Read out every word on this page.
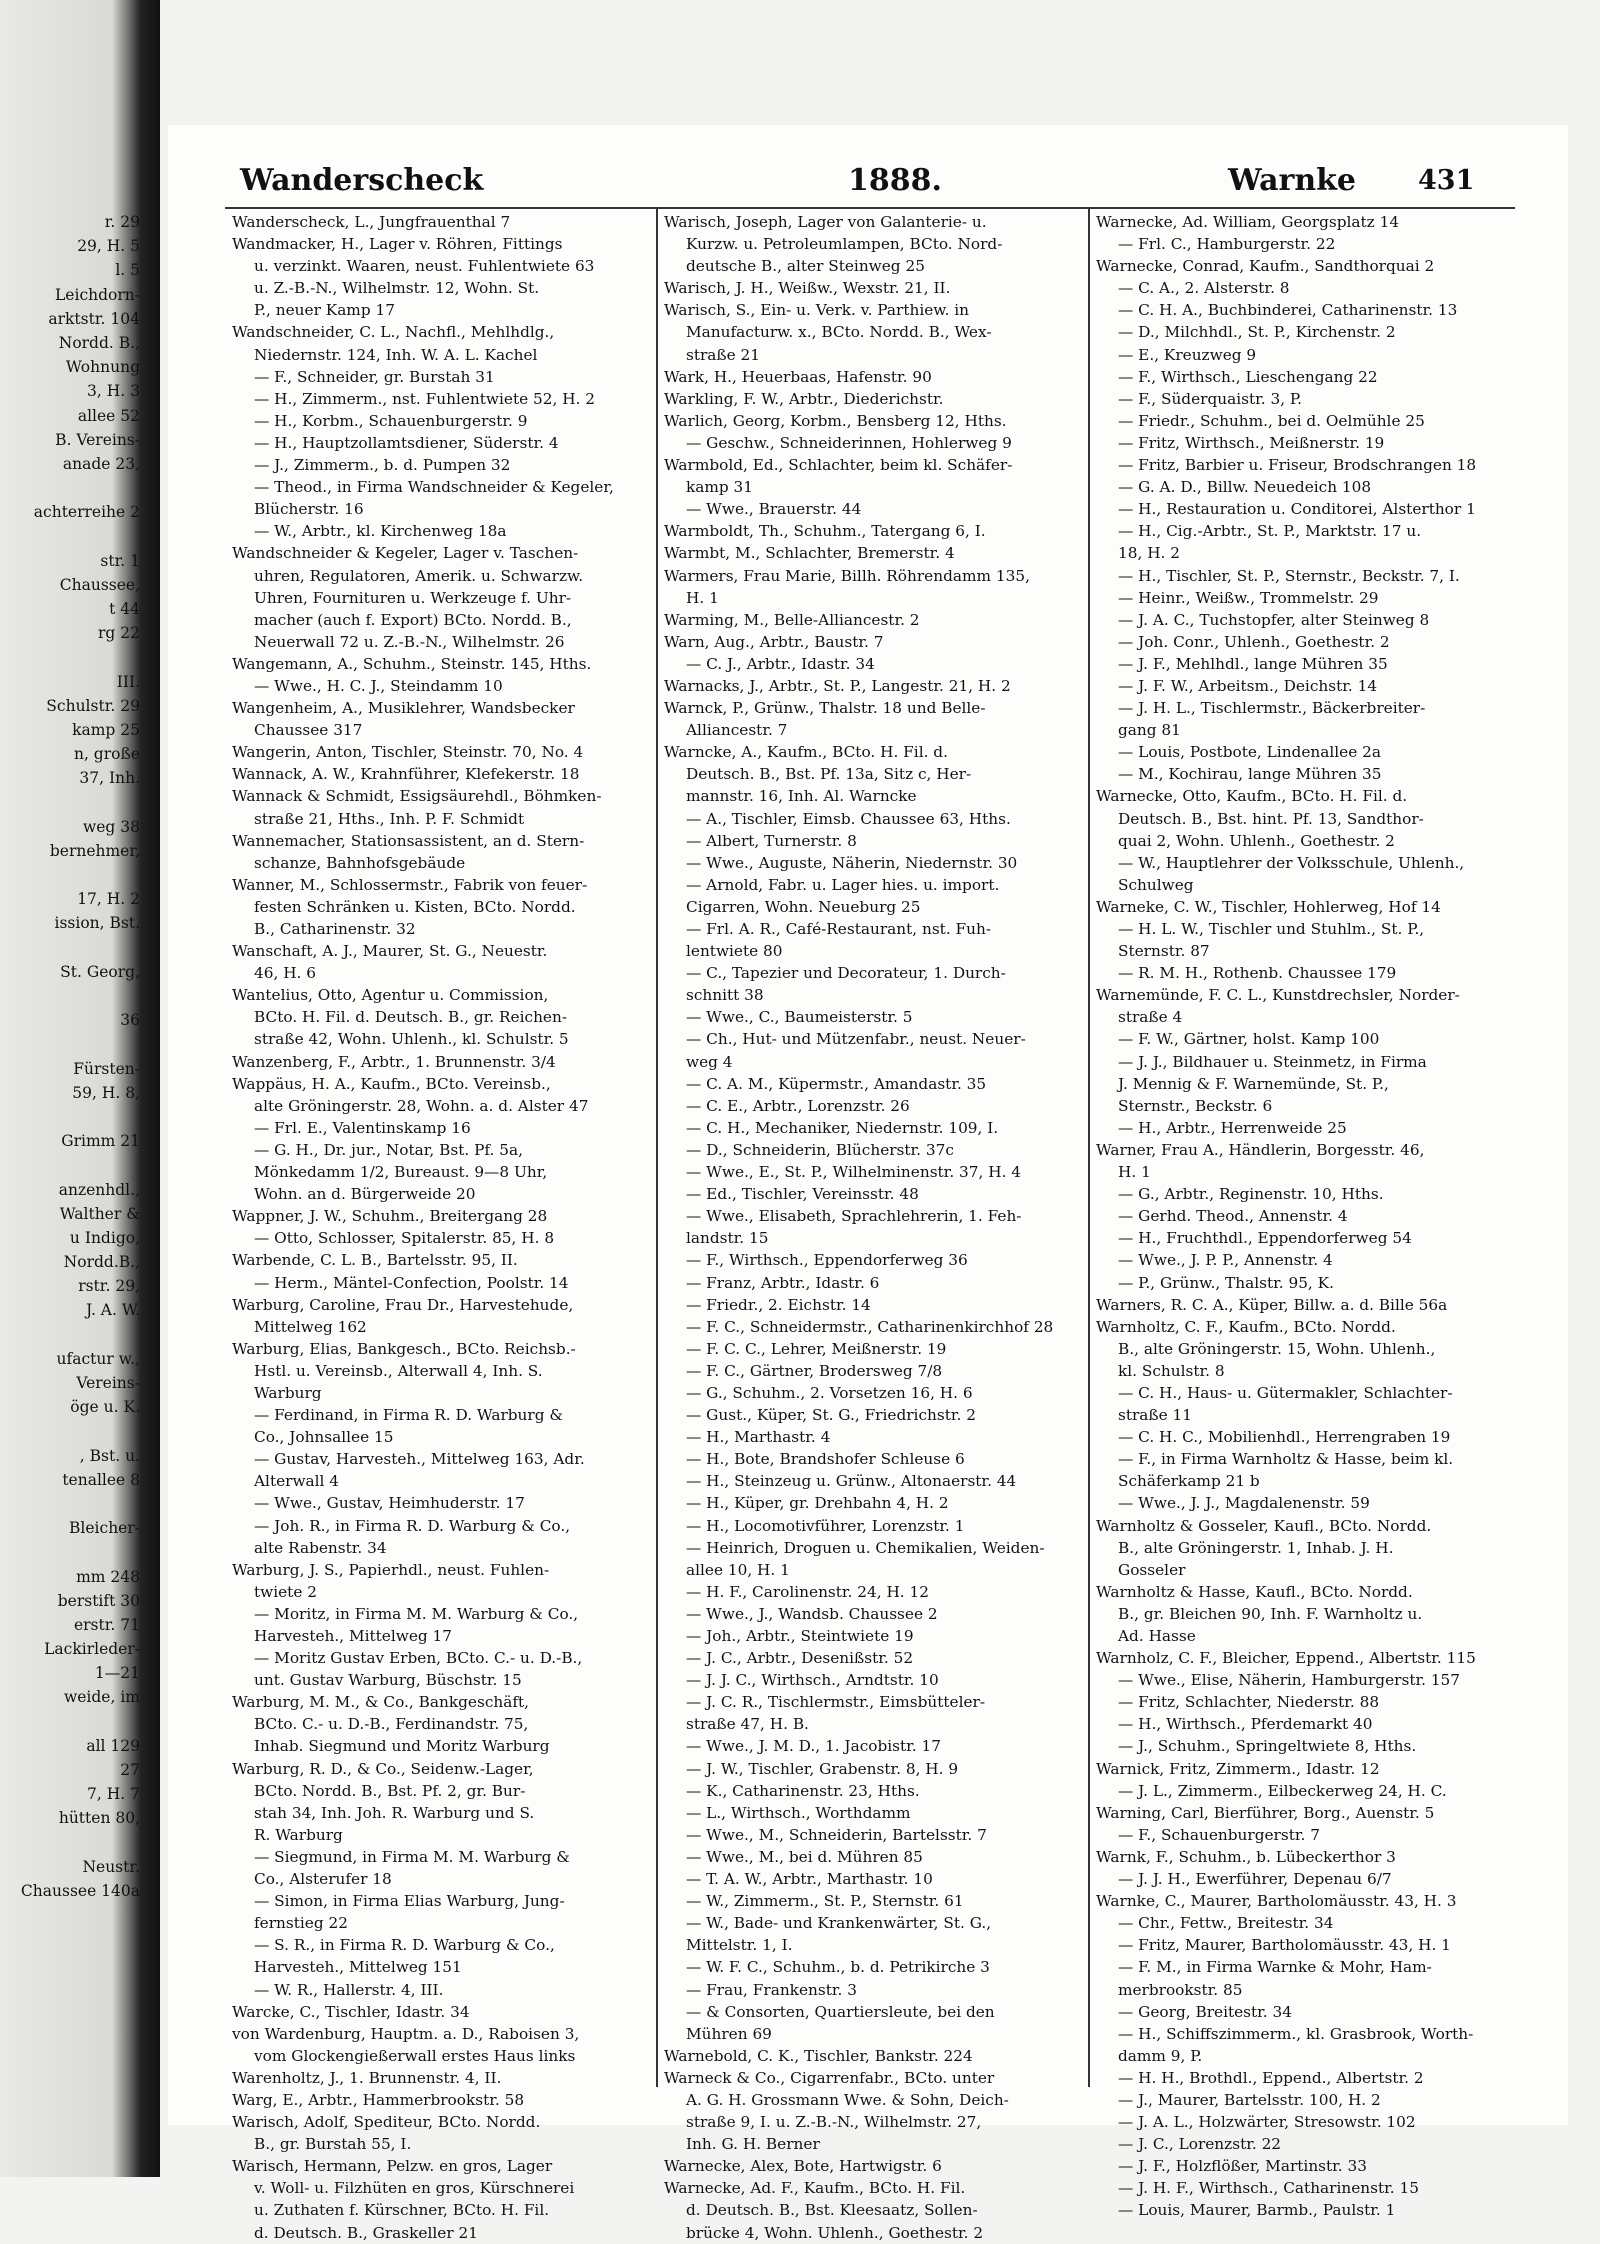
r. 29
29, H. 5
l. 5
Leichdorn-
arktstr. 104
Nordd. B.,
Wohnung
3, H. 3
allee 52
B. Vereins-
anade 23,
achterreihe 2
str. 1
Chaussee,
t 44
rg 22
III.
Schulstr. 29
kamp 25
n, große
37, Inh.
weg 38
bernehmer,
17, H. 2
ission, Bst.
St. Georg,
36
Fürsten-
59, H. 8,
Grimm 21
anzenhdl.,
Walther &
u Indigo,
Nordd.B.,
rstr. 29,
J. A. W.
ufactur w.,
Vereins-
öge u. K.
, Bst. u.
tenallee 8
Bleicher-
mm 248
berstift 30
erstr. 71
Lackirleder-
1—21
weide, im
all 129
27
7, H. 7
hütten 80,
Neustr.
Chaussee 140a
Wanderscheck	1888.	Warnke 431
Wanderscheck, L., Jungfrauenthal 7
Wandmacker, H., Lager v. Röhren, Fittings
u. verzinkt. Waaren, neust. Fuhlentwiete 63
u. Z.-B.-N., Wilhelmstr. 12, Wohn. St.
P., neuer Kamp 17
Wandschneider, C. L., Nachfl., Mehlhdlg.,
Niedernstr. 124, Inh. W. A. L. Kachel
— F., Schneider, gr. Burstah 31
— H., Zimmerm., nst. Fuhlentwiete 52, H. 2
— H., Korbm., Schauenburgerstr. 9
— H., Hauptzollamtsdiener, Süderstr. 4
— J., Zimmerm., b. d. Pumpen 32
— Theod., in Firma Wandschneider & Kegeler,
Blücherstr. 16
— W., Arbtr., kl. Kirchenweg 18a
Wandschneider & Kegeler, Lager v. Taschen-
uhren, Regulatoren, Amerik. u. Schwarzw.
Uhren, Fournituren u. Werkzeuge f. Uhr-
macher (auch f. Export) BCto. Nordd. B.,
Neuerwall 72 u. Z.-B.-N., Wilhelmstr. 26
Wangemann, A., Schuhm., Steinstr. 145, Hths.
— Wwe., H. C. J., Steindamm 10
Wangenheim, A., Musiklehrer, Wandsbecker
Chaussee 317
Wangerin, Anton, Tischler, Steinstr. 70, No. 4
Wannack, A. W., Krahnführer, Klefekerstr. 18
Wannack & Schmidt, Essigsäurehdl., Böhmken-
straße 21, Hths., Inh. P. F. Schmidt
Wannemacher, Stationsassistent, an d. Stern-
schanze, Bahnhofsgebäude
Wanner, M., Schlossermstr., Fabrik von feuer-
festen Schränken u. Kisten, BCto. Nordd.
B., Catharinenstr. 32
Wanschaft, A. J., Maurer, St. G., Neuestr.
46, H. 6
Wantelius, Otto, Agentur u. Commission,
BCto. H. Fil. d. Deutsch. B., gr. Reichen-
straße 42, Wohn. Uhlenh., kl. Schulstr. 5
Wanzenberg, F., Arbtr., 1. Brunnenstr. 3/4
Wappäus, H. A., Kaufm., BCto. Vereinsb.,
alte Gröningerstr. 28, Wohn. a. d. Alster 47
— Frl. E., Valentinskamp 16
— G. H., Dr. jur., Notar, Bst. Pf. 5a,
Mönkedamm 1/2, Bureaust. 9—8 Uhr,
Wohn. an d. Bürgerweide 20
Wappner, J. W., Schuhm., Breitergang 28
— Otto, Schlosser, Spitalerstr. 85, H. 8
Warbende, C. L. B., Bartelsstr. 95, II.
— Herm., Mäntel-Confection, Poolstr. 14
Warburg, Caroline, Frau Dr., Harvestehude,
Mittelweg 162
Warburg, Elias, Bankgesch., BCto. Reichsb.-
Hstl. u. Vereinsb., Alterwall 4, Inh. S.
Warburg
— Ferdinand, in Firma R. D. Warburg &
Co., Johnsallee 15
— Gustav, Harvesteh., Mittelweg 163, Adr.
Alterwall 4
— Wwe., Gustav, Heimhuderstr. 17
— Joh. R., in Firma R. D. Warburg & Co.,
alte Rabenstr. 34
Warburg, J. S., Papierhdl., neust. Fuhlen-
twiete 2
— Moritz, in Firma M. M. Warburg & Co.,
Harvesteh., Mittelweg 17
— Moritz Gustav Erben, BCto. C.- u. D.-B.,
unt. Gustav Warburg, Büschstr. 15
Warburg, M. M., & Co., Bankgeschäft,
BCto. C.- u. D.-B., Ferdinandstr. 75,
Inhab. Siegmund und Moritz Warburg
Warburg, R. D., & Co., Seidenw.-Lager,
BCto. Nordd. B., Bst. Pf. 2, gr. Bur-
stah 34, Inh. Joh. R. Warburg und S.
R. Warburg
— Siegmund, in Firma M. M. Warburg &
Co., Alsterufer 18
— Simon, in Firma Elias Warburg, Jung-
fernstieg 22
— S. R., in Firma R. D. Warburg & Co.,
Harvesteh., Mittelweg 151
— W. R., Hallerstr. 4, III.
Warcke, C., Tischler, Idastr. 34
von Wardenburg, Hauptm. a. D., Raboisen 3,
vom Glockengießerwall erstes Haus links
Warenholtz, J., 1. Brunnenstr. 4, II.
Warg, E., Arbtr., Hammerbrookstr. 58
Warisch, Adolf, Spediteur, BCto. Nordd.
B., gr. Burstah 55, I.
Warisch, Hermann, Pelzw. en gros, Lager
v. Woll- u. Filzhüten en gros, Kürschnerei
u. Zuthaten f. Kürschner, BCto. H. Fil.
d. Deutsch. B., Graskeller 21
Warisch, Joseph, Lager von Galanterie- u.
Kurzw. u. Petroleumlampen, BCto. Nord-
deutsche B., alter Steinweg 25
Warisch, J. H., Weißw., Wexstr. 21, II.
Warisch, S., Ein- u. Verk. v. Parthiew. in
Manufacturw. x., BCto. Nordd. B., Wex-
straße 21
Wark, H., Heuerbaas, Hafenstr. 90
Warkling, F. W., Arbtr., Diederichstr.
Warlich, Georg, Korbm., Bensberg 12, Hths.
— Geschw., Schneiderinnen, Hohlerweg 9
Warmbold, Ed., Schlachter, beim kl. Schäfer-
kamp 31
— Wwe., Brauerstr. 44
Warmboldt, Th., Schuhm., Tatergang 6, I.
Warmbt, M., Schlachter, Bremerstr. 4
Warmers, Frau Marie, Billh. Röhrendamm 135,
H. 1
Warming, M., Belle-Alliancestr. 2
Warn, Aug., Arbtr., Baustr. 7
— C. J., Arbtr., Idastr. 34
Warnacks, J., Arbtr., St. P., Langestr. 21, H. 2
Warnck, P., Grünw., Thalstr. 18 und Belle-
Alliancestr. 7
Warncke, A., Kaufm., BCto. H. Fil. d.
Deutsch. B., Bst. Pf. 13a, Sitz c, Her-
mannstr. 16, Inh. Al. Warncke
— A., Tischler, Eimsb. Chaussee 63, Hths.
— Albert, Turnerstr. 8
— Wwe., Auguste, Näherin, Niedernstr. 30
— Arnold, Fabr. u. Lager hies. u. import.
Cigarren, Wohn. Neueburg 25
— Frl. A. R., Café-Restaurant, nst. Fuh-
lentwiete 80
— C., Tapezier und Decorateur, 1. Durch-
schnitt 38
— Wwe., C., Baumeisterstr. 5
— Ch., Hut- und Mützenfabr., neust. Neuer-
weg 4
— C. A. M., Küpermstr., Amandastr. 35
— C. E., Arbtr., Lorenzstr. 26
— C. H., Mechaniker, Niedernstr. 109, I.
— D., Schneiderin, Blücherstr. 37c
— Wwe., E., St. P., Wilhelminenstr. 37, H. 4
— Ed., Tischler, Vereinsstr. 48
— Wwe., Elisabeth, Sprachlehrerin, 1. Feh-
landstr. 15
— F., Wirthsch., Eppendorferweg 36
— Franz, Arbtr., Idastr. 6
— Friedr., 2. Eichstr. 14
— F. C., Schneidermstr., Catharinenkirchhof 28
— F. C. C., Lehrer, Meißnerstr. 19
— F. C., Gärtner, Brodersweg 7/8
— G., Schuhm., 2. Vorsetzen 16, H. 6
— Gust., Küper, St. G., Friedrichstr. 2
— H., Marthastr. 4
— H., Bote, Brandshofer Schleuse 6
— H., Steinzeug u. Grünw., Altonaerstr. 44
— H., Küper, gr. Drehbahn 4, H. 2
— H., Locomotivführer, Lorenzstr. 1
— Heinrich, Droguen u. Chemikalien, Weiden-
allee 10, H. 1
— H. F., Carolinenstr. 24, H. 12
— Wwe., J., Wandsb. Chaussee 2
— Joh., Arbtr., Steintwiete 19
— J. C., Arbtr., Desenißstr. 52
— J. J. C., Wirthsch., Arndtstr. 10
— J. C. R., Tischlermstr., Eimsbütteler-
straße 47, H. B.
— Wwe., J. M. D., 1. Jacobistr. 17
— J. W., Tischler, Grabenstr. 8, H. 9
— K., Catharinenstr. 23, Hths.
— L., Wirthsch., Worthdamm
— Wwe., M., Schneiderin, Bartelsstr. 7
— Wwe., M., bei d. Mühren 85
— T. A. W., Arbtr., Marthastr. 10
— W., Zimmerm., St. P., Sternstr. 61
— W., Bade- und Krankenwärter, St. G.,
Mittelstr. 1, I.
— W. F. C., Schuhm., b. d. Petrikirche 3
— Frau, Frankenstr. 3
— & Consorten, Quartiersleute, bei den
Mühren 69
Warnebold, C. K., Tischler, Bankstr. 224
Warneck & Co., Cigarrenfabr., BCto. unter
A. G. H. Grossmann Wwe. & Sohn, Deich-
straße 9, I. u. Z.-B.-N., Wilhelmstr. 27,
Inh. G. H. Berner
Warnecke, Alex, Bote, Hartwigstr. 6
Warnecke, Ad. F., Kaufm., BCto. H. Fil.
d. Deutsch. B., Bst. Kleesaatz, Sollen-
brücke 4, Wohn. Uhlenh., Goethestr. 2
Warnecke, Ad. William, Georgsplatz 14
— Frl. C., Hamburgerstr. 22
Warnecke, Conrad, Kaufm., Sandthorquai 2
— C. A., 2. Alsterstr. 8
— C. H. A., Buchbinderei, Catharinenstr. 13
— D., Milchhdl., St. P., Kirchenstr. 2
— E., Kreuzweg 9
— F., Wirthsch., Lieschengang 22
— F., Süderquaistr. 3, P.
— Friedr., Schuhm., bei d. Oelmühle 25
— Fritz, Wirthsch., Meißnerstr. 19
— Fritz, Barbier u. Friseur, Brodschrangen 18
— G. A. D., Billw. Neuedeich 108
— H., Restauration u. Conditorei, Alsterthor 1
— H., Cig.-Arbtr., St. P., Marktstr. 17 u.
18, H. 2
— H., Tischler, St. P., Sternstr., Beckstr. 7, I.
— Heinr., Weißw., Trommelstr. 29
— J. A. C., Tuchstopfer, alter Steinweg 8
— Joh. Conr., Uhlenh., Goethestr. 2
— J. F., Mehlhdl., lange Mühren 35
— J. F. W., Arbeitsm., Deichstr. 14
— J. H. L., Tischlermstr., Bäckerbreiter-
gang 81
— Louis, Postbote, Lindenallee 2a
— M., Kochirau, lange Mühren 35
Warnecke, Otto, Kaufm., BCto. H. Fil. d.
Deutsch. B., Bst. hint. Pf. 13, Sandthor-
quai 2, Wohn. Uhlenh., Goethestr. 2
— W., Hauptlehrer der Volksschule, Uhlenh.,
Schulweg
Warneke, C. W., Tischler, Hohlerweg, Hof 14
— H. L. W., Tischler und Stuhlm., St. P.,
Sternstr. 87
— R. M. H., Rothenb. Chaussee 179
Warnemünde, F. C. L., Kunstdrechsler, Norder-
straße 4
— F. W., Gärtner, holst. Kamp 100
— J. J., Bildhauer u. Steinmetz, in Firma
J. Mennig & F. Warnemünde, St. P.,
Sternstr., Beckstr. 6
— H., Arbtr., Herrenweide 25
Warner, Frau A., Händlerin, Borgesstr. 46,
H. 1
— G., Arbtr., Reginenstr. 10, Hths.
— Gerhd. Theod., Annenstr. 4
— H., Fruchthdl., Eppendorferweg 54
— Wwe., J. P. P., Annenstr. 4
— P., Grünw., Thalstr. 95, K.
Warners, R. C. A., Küper, Billw. a. d. Bille 56a
Warnholtz, C. F., Kaufm., BCto. Nordd.
B., alte Gröningerstr. 15, Wohn. Uhlenh.,
kl. Schulstr. 8
— C. H., Haus- u. Gütermakler, Schlachter-
straße 11
— C. H. C., Mobilienhdl., Herrengraben 19
— F., in Firma Warnholtz & Hasse, beim kl.
Schäferkamp 21 b
— Wwe., J. J., Magdalenenstr. 59
Warnholtz & Gosseler, Kaufl., BCto. Nordd.
B., alte Gröningerstr. 1, Inhab. J. H.
Gosseler
Warnholtz & Hasse, Kaufl., BCto. Nordd.
B., gr. Bleichen 90, Inh. F. Warnholtz u.
Ad. Hasse
Warnholz, C. F., Bleicher, Eppend., Albertstr. 115
— Wwe., Elise, Näherin, Hamburgerstr. 157
— Fritz, Schlachter, Niederstr. 88
— H., Wirthsch., Pferdemarkt 40
— J., Schuhm., Springeltwiete 8, Hths.
Warnick, Fritz, Zimmerm., Idastr. 12
— J. L., Zimmerm., Eilbeckerweg 24, H. C.
Warning, Carl, Bierführer, Borg., Auenstr. 5
— F., Schauenburgerstr. 7
Warnk, F., Schuhm., b. Lübeckerthor 3
— J. J. H., Ewerführer, Depenau 6/7
Warnke, C., Maurer, Bartholomäusstr. 43, H. 3
— Chr., Fettw., Breitestr. 34
— Fritz, Maurer, Bartholomäusstr. 43, H. 1
— F. M., in Firma Warnke & Mohr, Ham-
merbrookstr. 85
— Georg, Breitestr. 34
— H., Schiffszimmerm., kl. Grasbrook, Worth-
damm 9, P.
— H. H., Brothdl., Eppend., Albertstr. 2
— J., Maurer, Bartelsstr. 100, H. 2
— J. A. L., Holzwärter, Stresowstr. 102
— J. C., Lorenzstr. 22
— J. F., Holzflößer, Martinstr. 33
— J. H. F., Wirthsch., Catharinenstr. 15
— Louis, Maurer, Barmb., Paulstr. 1
